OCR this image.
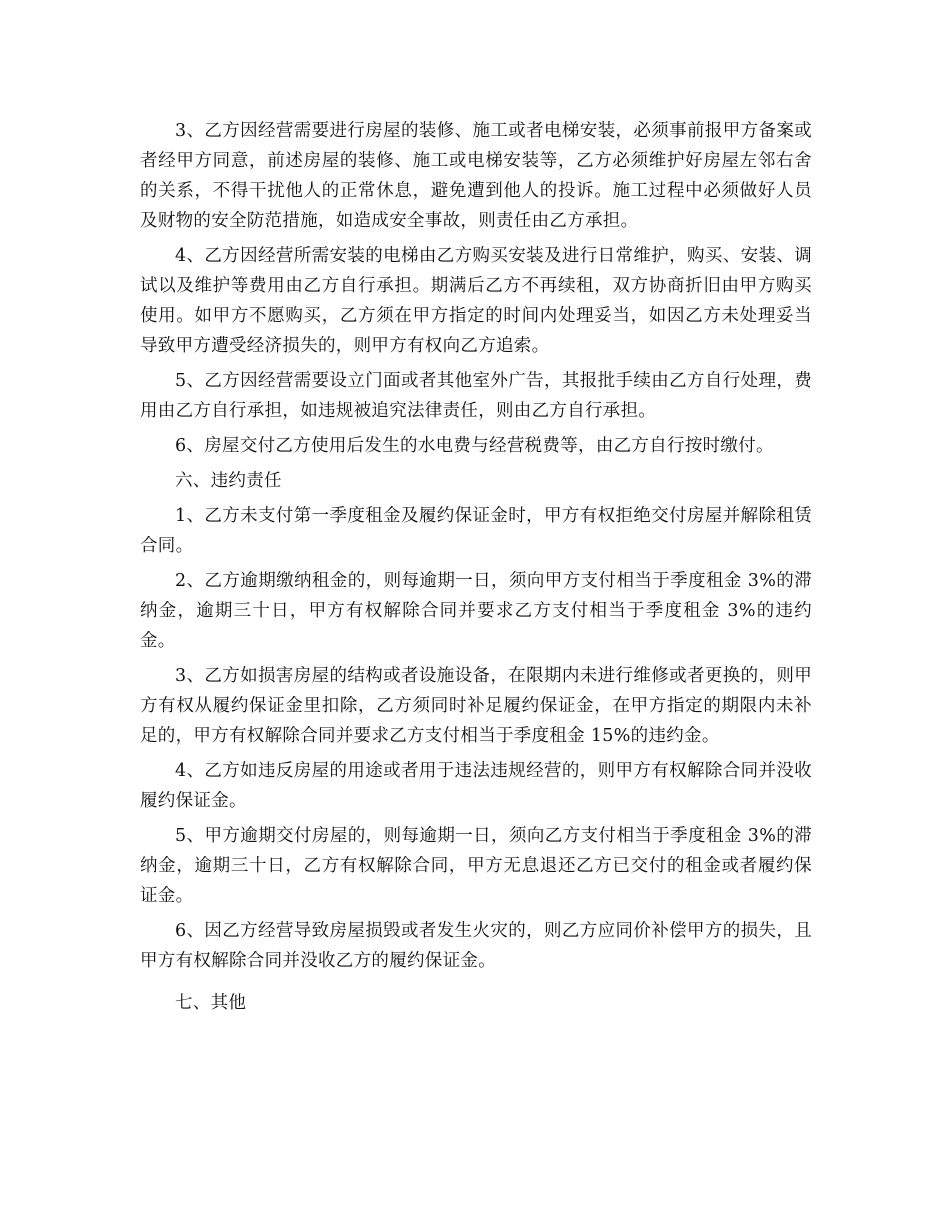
3、乙方因经营需要进行房屋的装修、施工或者电梯安装，必须事前报甲方备案或者经甲方同意，前述房屋的装修、施工或电梯安装等，乙方必须维护好房屋左邻右舍的关系，不得干扰他人的正常休息，避免遭到他人的投诉。施工过程中必须做好人员及财物的安全防范措施，如造成安全事故，则责任由乙方承担。

4、乙方因经营所需安装的电梯由乙方购买安装及进行日常维护，购买、安装、调试以及维护等费用由乙方自行承担。期满后乙方不再续租，双方协商折旧由甲方购买使用。如甲方不愿购买，乙方须在甲方指定的时间内处理妥当，如因乙方未处理妥当导致甲方遭受经济损失的，则甲方有权向乙方追索。

5、乙方因经营需要设立门面或者其他室外广告，其报批手续由乙方自行处理，费用由乙方自行承担，如违规被追究法律责任，则由乙方自行承担。

6、房屋交付乙方使用后发生的水电费与经营税费等，由乙方自行按时缴付。

六、违约责任

1、乙方未支付第一季度租金及履约保证金时，甲方有权拒绝交付房屋并解除租赁合同。

2、乙方逾期缴纳租金的，则每逾期一日，须向甲方支付相当于季度租金 3%的滞纳金，逾期三十日，甲方有权解除合同并要求乙方支付相当于季度租金 3%的违约金。

3、乙方如损害房屋的结构或者设施设备，在限期内未进行维修或者更换的，则甲方有权从履约保证金里扣除，乙方须同时补足履约保证金，在甲方指定的期限内未补足的，甲方有权解除合同并要求乙方支付相当于季度租金 15%的违约金。

4、乙方如违反房屋的用途或者用于违法违规经营的，则甲方有权解除合同并没收履约保证金。

5、甲方逾期交付房屋的，则每逾期一日，须向乙方支付相当于季度租金 3%的滞纳金，逾期三十日，乙方有权解除合同，甲方无息退还乙方已交付的租金或者履约保证金。

6、因乙方经营导致房屋损毁或者发生火灾的，则乙方应同价补偿甲方的损失，且甲方有权解除合同并没收乙方的履约保证金。

七、其他
